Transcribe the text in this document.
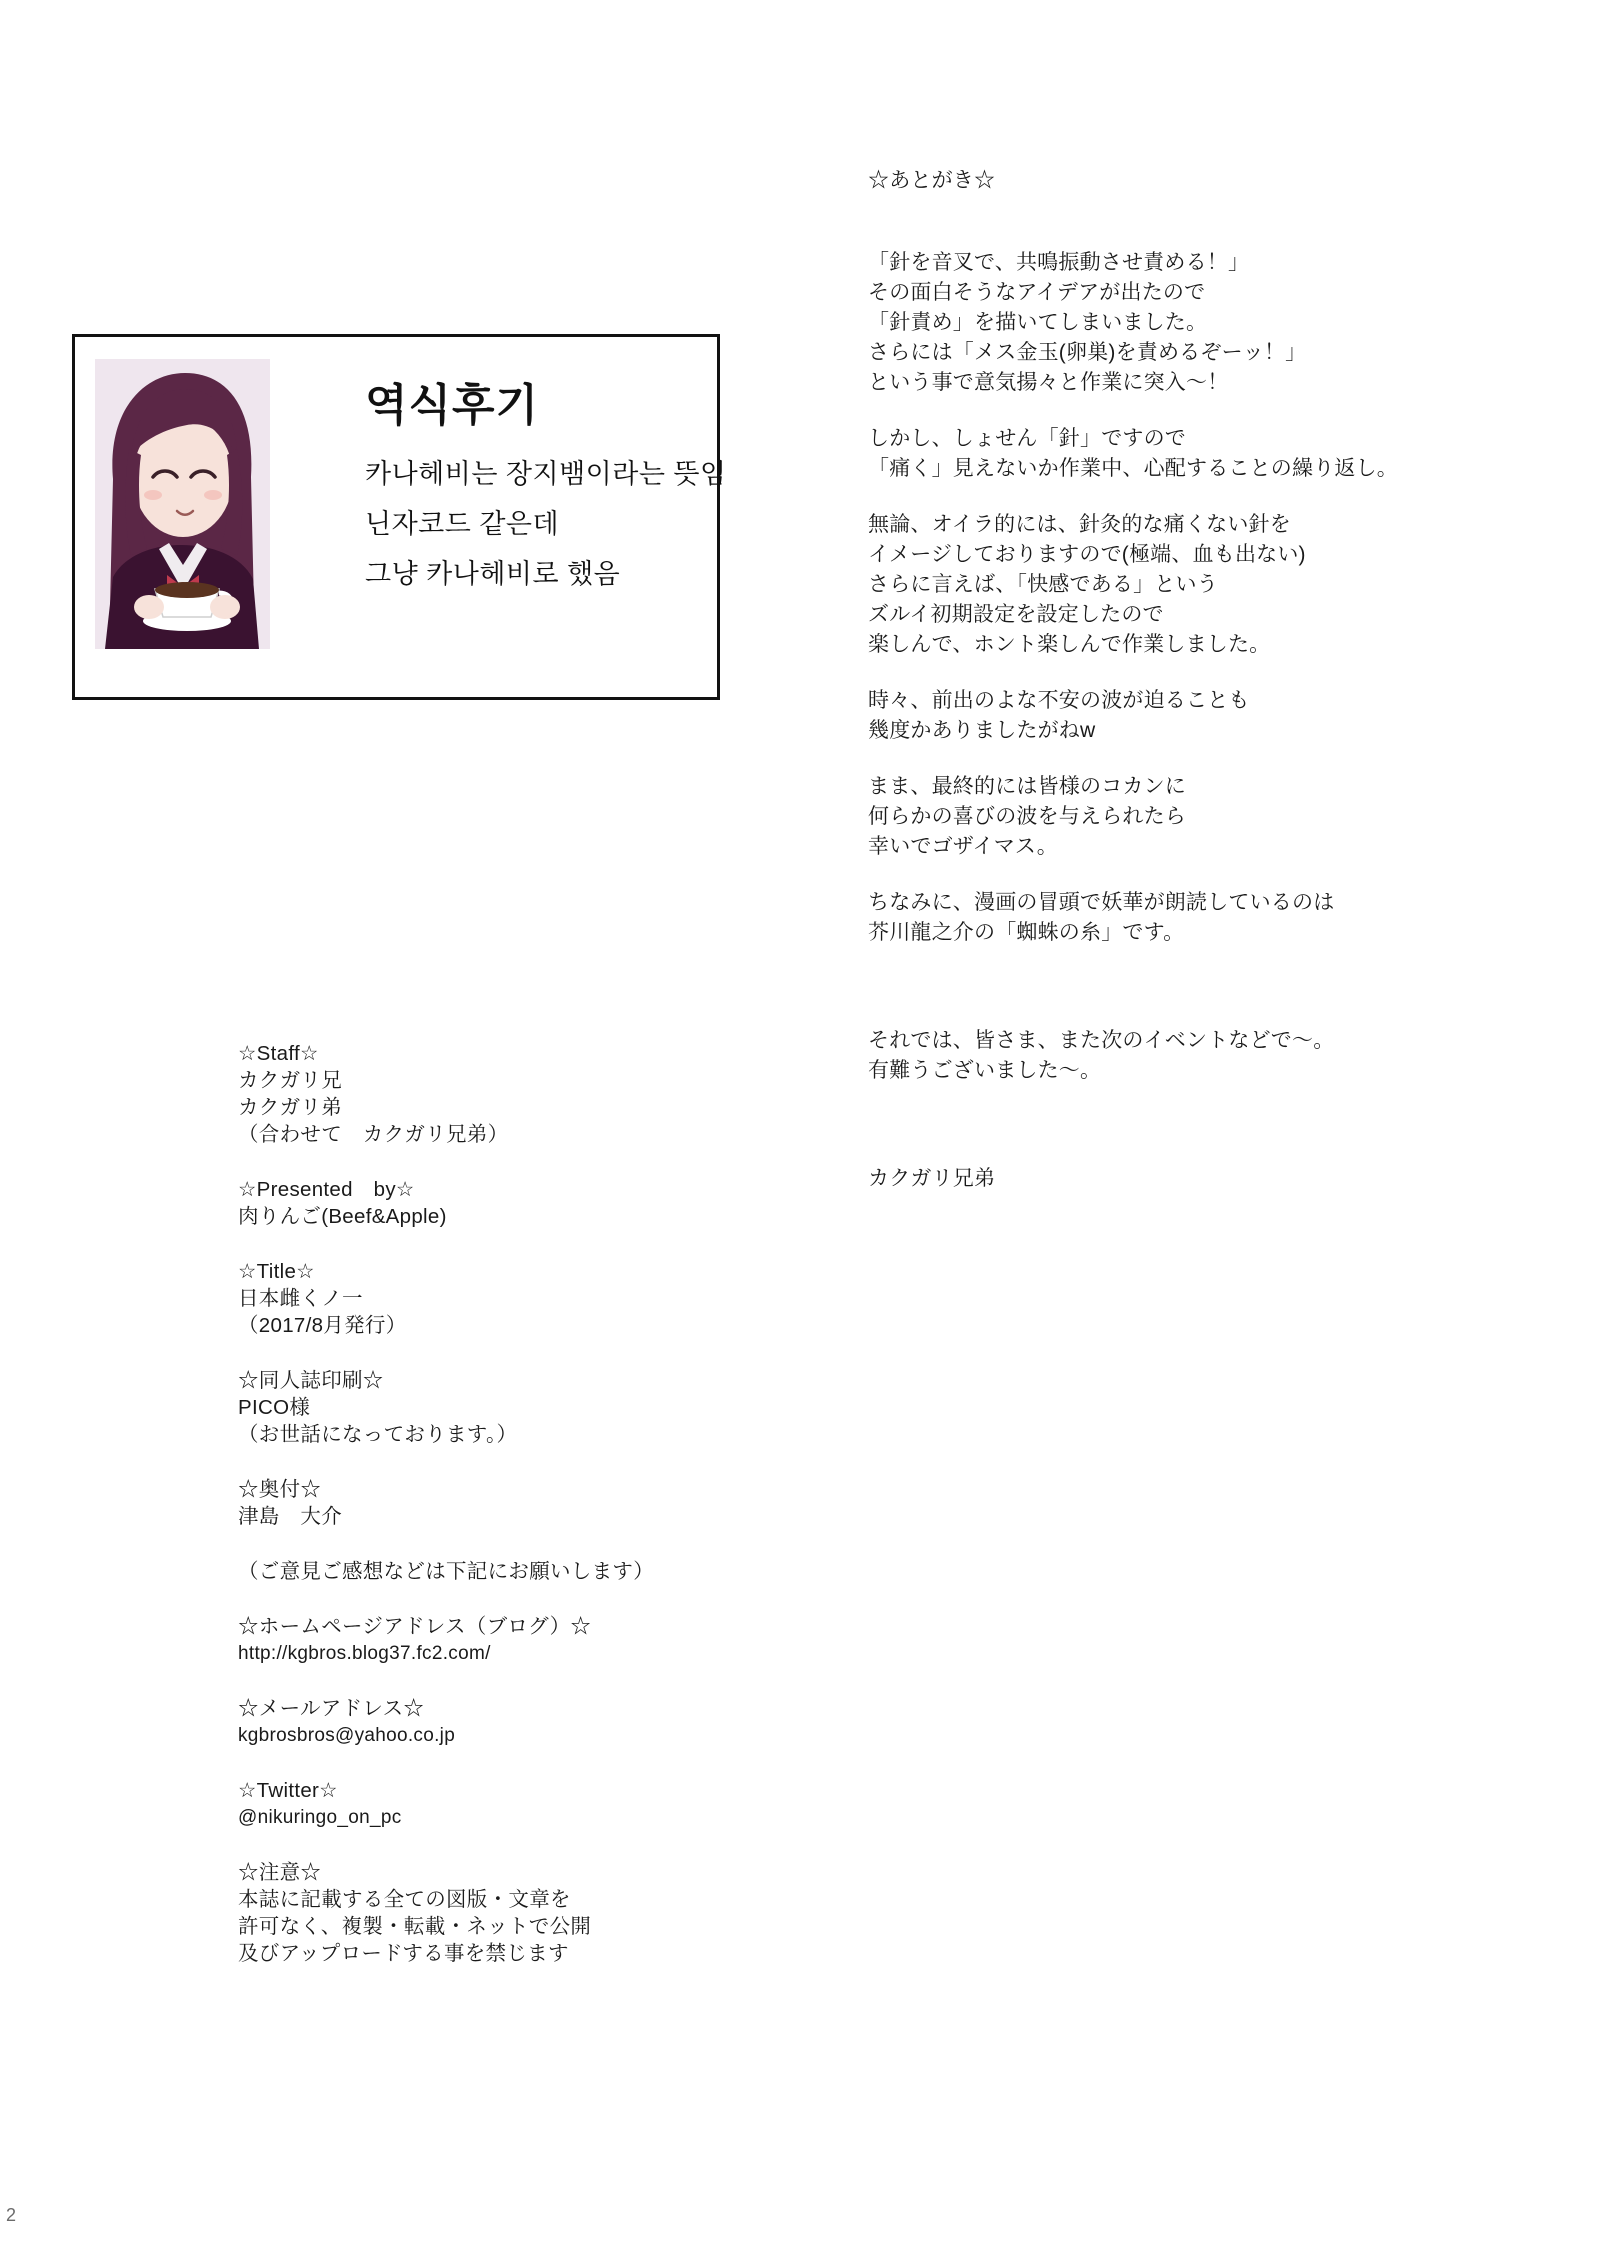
역식후기
카나헤비는 장지뱀이라는 뜻임
닌자코드 같은데
그냥 카나헤비로 했음
☆Staff☆
カクガリ兄
カクガリ弟
（合わせて　カクガリ兄弟）
☆Presented　by☆
肉りんご(Beef&Apple)
☆Title☆
日本雌くノ一
（2017/8月発行）
☆同人誌印刷☆
PICO様
（お世話になっております。）
☆奥付☆
津島　大介
（ご意見ご感想などは下記にお願いします）
☆ホームページアドレス（ブログ）☆
http://kgbros.blog37.fc2.com/
☆メールアドレス☆
kgbrosbros@yahoo.co.jp
☆Twitter☆
@nikuringo_on_pc
☆注意☆
本誌に記載する全ての図版・文章を
許可なく、複製・転載・ネットで公開
及びアップロードする事を禁じます
☆あとがき☆
「針を音叉で、共鳴振動させ責める！」
その面白そうなアイデアが出たので
「針責め」を描いてしまいました。
さらには「メス金玉(卵巣)を責めるぞーッ！」
という事で意気揚々と作業に突入〜！
しかし、しょせん「針」ですので
「痛く」見えないか作業中、心配することの繰り返し。
無論、オイラ的には、針灸的な痛くない針を
イメージしておりますので(極端、血も出ない)
さらに言えば、「快感である」という
ズルイ初期設定を設定したので
楽しんで、ホント楽しんで作業しました。
時々、前出のよな不安の波が迫ることも
幾度かありましたがねw
まま、最終的には皆様のコカンに
何らかの喜びの波を与えられたら
幸いでゴザイマス。
ちなみに、漫画の冒頭で妖華が朗読しているのは
芥川龍之介の「蜘蛛の糸」です。
それでは、皆さま、また次のイベントなどで〜。
有難うございました〜。
カクガリ兄弟
2
